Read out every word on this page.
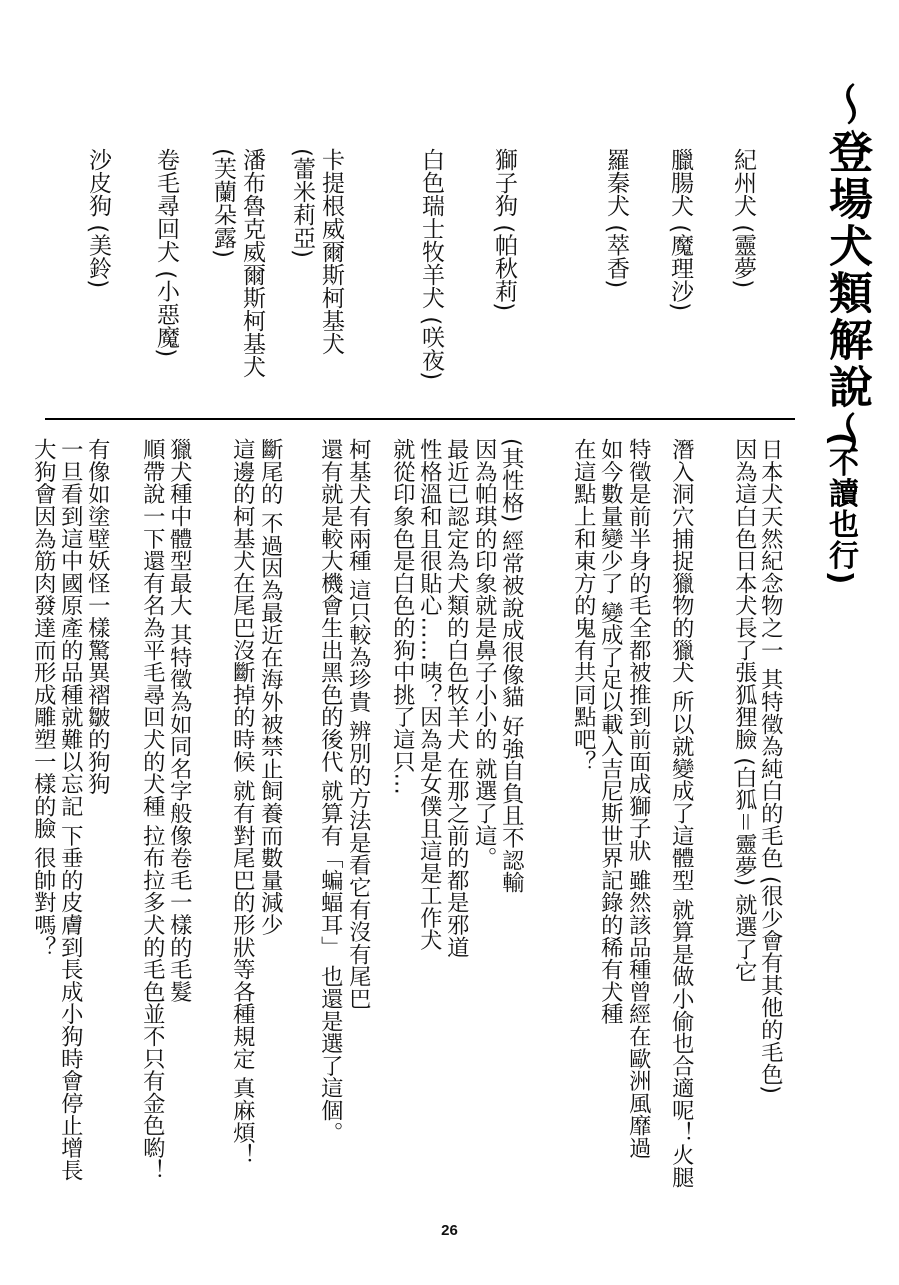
～登場犬類解說～
(不讀也行)
紀州犬 (靈夢)
臘腸犬 (魔理沙)
羅秦犬 (萃香)
獅子狗 (帕秋莉)
白色瑞士牧羊犬 (咲夜)
卡提根威爾斯柯基犬
(蕾米莉亞)
潘布魯克威爾斯柯基犬
(芙蘭朵露)
卷毛尋回犬 (小惡魔)
沙皮狗 (美鈴)
日本犬天然紀念物之一 其特徵為純白的毛色 (很少會有其他的毛色)
因為這白色日本犬長了張狐狸臉 (白狐＝靈夢) 就選了它
潛入洞穴捕捉獵物的獵犬 所以就變成了這體型 就算是做小偷也合適呢！火腿
特徵是前半身的毛全都被推到前面成獅子狀 雖然該品種曾經在歐洲風靡過
如今數量變少了 變成了足以載入吉尼斯世界記錄的稀有犬種
在這點上和東方的鬼有共同點吧？
(其性格) 經常被說成很像貓 好強自負且不認輸
因為帕琪的印象就是鼻子小小的 就選了這。
最近已認定為犬類的白色牧羊犬 在那之前的都是邪道
性格溫和且很貼心……咦？因為是女僕且這是工作犬
就從印象色是白色的狗中挑了這只…
柯基犬有兩種 這只較為珍貴 辨別的方法是看它有沒有尾巴
還有就是較大機會生出黑色的後代 就算有「蝙蝠耳」 也還是選了這個。
斷尾的 不過因為最近在海外被禁止飼養而數量減少
這邊的柯基犬在尾巴沒斷掉的時候 就有對尾巴的形狀等各種規定 真麻煩！
獵犬種中體型最大 其特徵為如同名字般像卷毛一樣的毛髮
順帶說一下還有名為平毛尋回犬的犬種 拉布拉多犬的毛色並不只有金色喲！
有像如塗壁妖怪一樣驚異褶皺的狗狗
一旦看到這中國原產的品種就難以忘記 下垂的皮膚到長成小狗時會停止增長
大狗會因為筋肉發達而形成雕塑一樣的臉 很帥對嗎？
26
